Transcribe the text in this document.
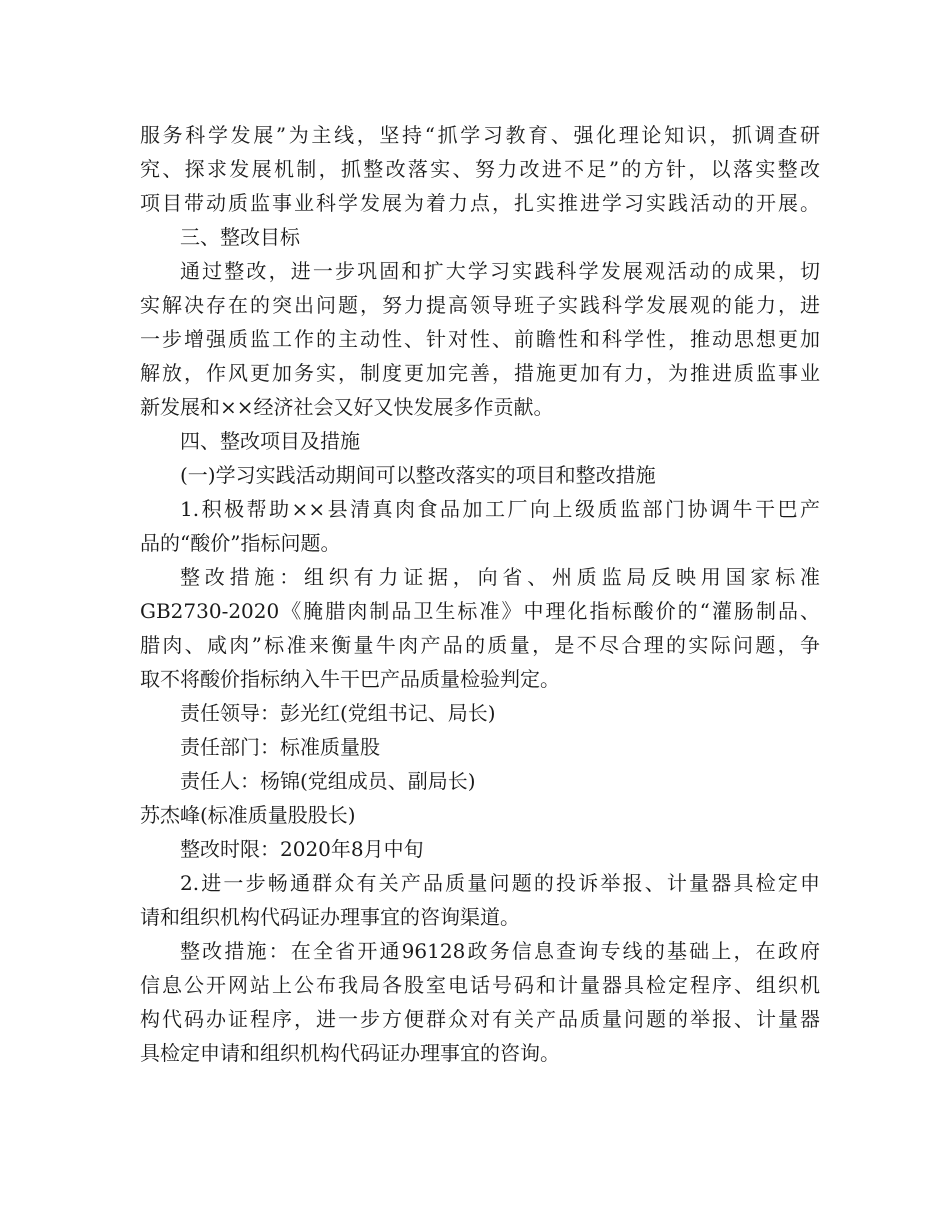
服务科学发展”为主线，坚持“抓学习教育、强化理论知识，抓调查研
究、探求发展机制，抓整改落实、努力改进不足”的方针，以落实整改
项目带动质监事业科学发展为着力点，扎实推进学习实践活动的开展。
三、整改目标
通过整改，进一步巩固和扩大学习实践科学发展观活动的成果，切
实解决存在的突出问题，努力提高领导班子实践科学发展观的能力，进
一步增强质监工作的主动性、针对性、前瞻性和科学性，推动思想更加
解放，作风更加务实，制度更加完善，措施更加有力，为推进质监事业
新发展和××经济社会又好又快发展多作贡献。
四、整改项目及措施
(一)学习实践活动期间可以整改落实的项目和整改措施
1.积极帮助××县清真肉食品加工厂向上级质监部门协调牛干巴产
品的“酸价”指标问题。
整改措施：组织有力证据，向省、州质监局反映用国家标准
GB2730-2020《腌腊肉制品卫生标准》中理化指标酸价的“灌肠制品、
腊肉、咸肉”标准来衡量牛肉产品的质量，是不尽合理的实际问题，争
取不将酸价指标纳入牛干巴产品质量检验判定。
责任领导：彭光红(党组书记、局长)
责任部门：标准质量股
责任人：杨锦(党组成员、副局长)
苏杰峰(标准质量股股长)
整改时限：2020年8月中旬
2.进一步畅通群众有关产品质量问题的投诉举报、计量器具检定申
请和组织机构代码证办理事宜的咨询渠道。
整改措施：在全省开通96128政务信息查询专线的基础上，在政府
信息公开网站上公布我局各股室电话号码和计量器具检定程序、组织机
构代码办证程序，进一步方便群众对有关产品质量问题的举报、计量器
具检定申请和组织机构代码证办理事宜的咨询。
